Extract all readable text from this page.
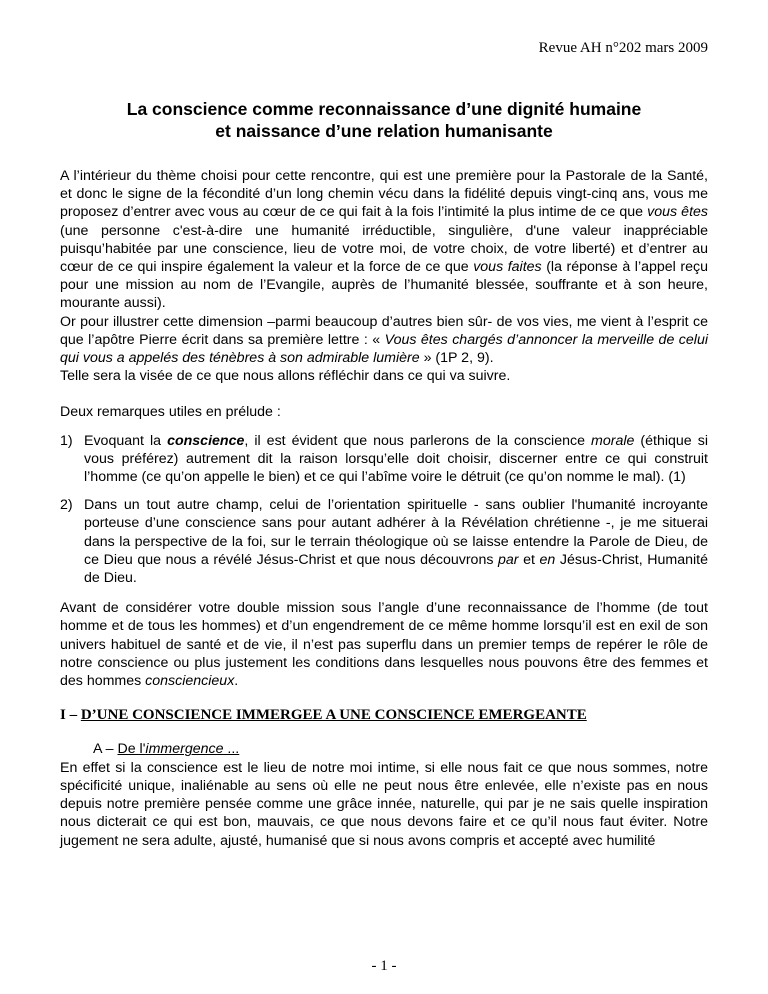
Revue AH n°202 mars 2009
La conscience comme reconnaissance d’une dignité humaine
et naissance d’une relation humanisante

A l’intérieur du thème choisi pour cette rencontre, qui est une première pour la Pastorale de la Santé, et donc le signe de la fécondité d’un long chemin vécu dans la fidélité depuis vingt-cinq ans, vous me proposez d’entrer avec vous au cœur de ce qui fait à la fois l’intimité la plus intime de ce que vous êtes (une personne c'est-à-dire une humanité irréductible, singulière, d'une valeur inappréciable puisqu’habitée par une conscience, lieu de votre moi, de votre choix, de votre liberté) et d’entrer au cœur de ce qui inspire également la valeur et la force de ce que vous faites (la réponse à l’appel reçu pour une mission au nom de l’Evangile, auprès de l’humanité blessée, souffrante et à son heure, mourante aussi).

Or pour illustrer cette dimension –parmi beaucoup d’autres bien sûr- de vos vies, me vient à l’esprit ce que l’apôtre Pierre écrit dans sa première lettre : « Vous êtes chargés d’annoncer la merveille de celui qui vous a appelés des ténèbres à son admirable lumière » (1P 2, 9).

Telle sera la visée de ce que nous allons réfléchir dans ce qui va suivre.

Deux remarques utiles en prélude :

1) Evoquant la conscience, il est évident que nous parlerons de la conscience morale (éthique si vous préférez) autrement dit la raison lorsqu’elle doit choisir, discerner entre ce qui construit l’homme (ce qu’on appelle le bien) et ce qui l’abîme voire le détruit (ce qu’on nomme le mal). (1)
2) Dans un tout autre champ, celui de l’orientation spirituelle - sans oublier l'humanité incroyante porteuse d’une conscience sans pour autant adhérer à la Révélation chrétienne -, je me situerai dans la perspective de la foi, sur le terrain théologique où se laisse entendre la Parole de Dieu, de ce Dieu que nous a révélé Jésus-Christ et que nous découvrons par et en Jésus-Christ, Humanité de Dieu.

Avant de considérer votre double mission sous l’angle d’une reconnaissance de l’homme (de tout homme et de tous les hommes) et d’un engendrement de ce même homme lorsqu’il est en exil de son univers habituel de santé et de vie, il n’est pas superflu dans un premier temps de repérer le rôle de notre conscience ou plus justement les conditions dans lesquelles nous pouvons être des femmes et des hommes consciencieux.

I – D’UNE CONSCIENCE IMMERGEE A UNE CONSCIENCE EMERGEANTE

A – De l'immergence ...

En effet si la conscience est le lieu de notre moi intime, si elle nous fait ce que nous sommes, notre spécificité unique, inaliénable au sens où elle ne peut nous être enlevée, elle n’existe pas en nous depuis notre première pensée comme une grâce innée, naturelle, qui par je ne sais quelle inspiration nous dicterait ce qui est bon, mauvais, ce que nous devons faire et ce qu’il nous faut éviter. Notre jugement ne sera adulte, ajusté, humanisé que si nous avons compris et accepté avec humilité

- 1 -
